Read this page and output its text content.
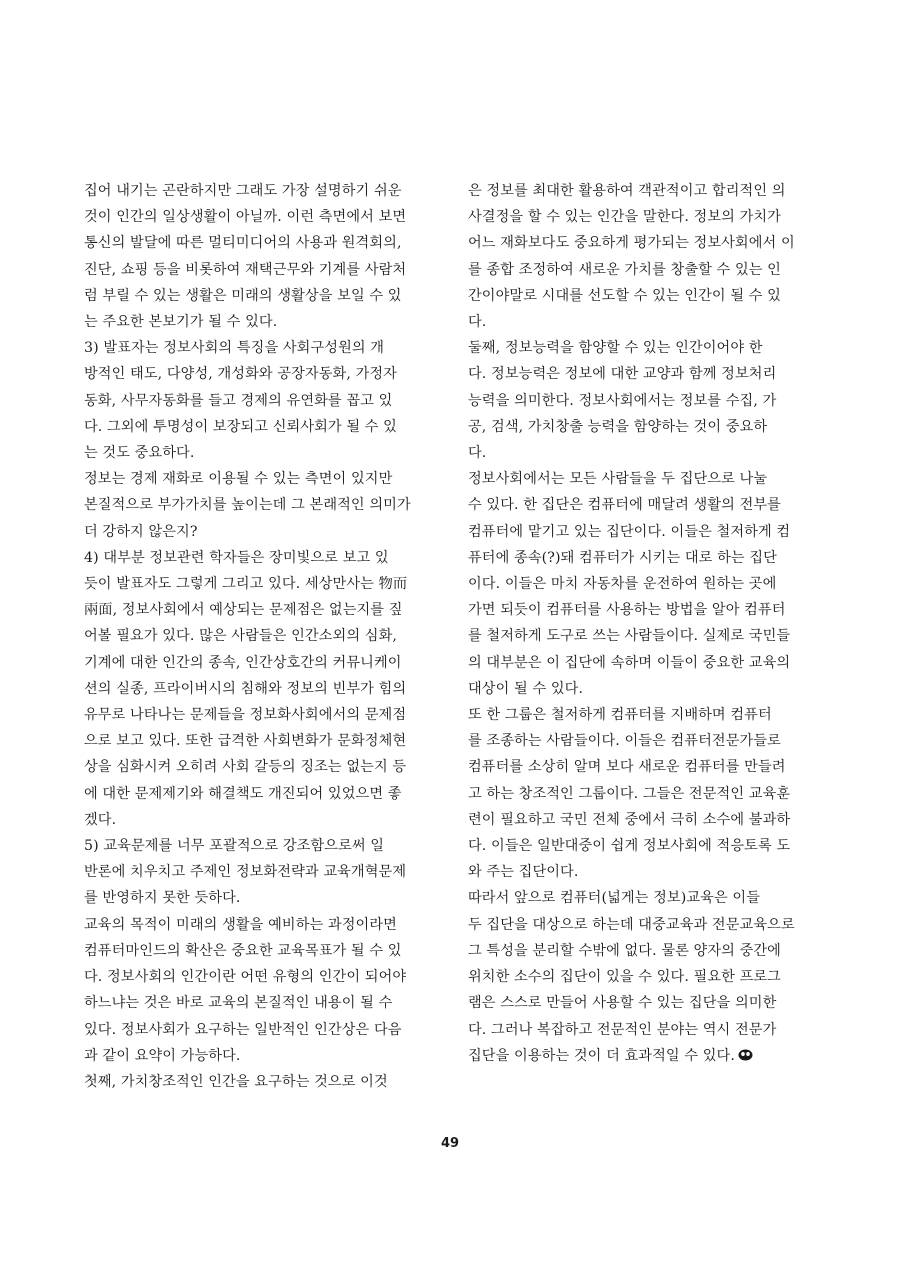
집어 내기는 곤란하지만 그래도 가장 설명하기 쉬운
것이 인간의 일상생활이 아닐까. 이런 측면에서 보면
통신의 발달에 따른 멀티미디어의 사용과 원격회의,
진단, 쇼핑 등을 비롯하여 재택근무와 기계를 사람처
럼 부릴 수 있는 생활은 미래의 생활상을 보일 수 있
는 주요한 본보기가 될 수 있다.

3) 발표자는 정보사회의 특징을 사회구성원의 개
방적인 태도, 다양성, 개성화와 공장자동화, 가정자
동화, 사무자동화를 들고 경제의 유연화를 꼽고 있
다. 그외에 투명성이 보장되고 신뢰사회가 될 수 있
는 것도 중요하다.

정보는 경제 재화로 이용될 수 있는 측면이 있지만
본질적으로 부가가치를 높이는데 그 본래적인 의미가
더 강하지 않은지?

4) 대부분 정보관련 학자들은 장미빛으로 보고 있
듯이 발표자도 그렇게 그리고 있다. 세상만사는 物而
兩面, 정보사회에서 예상되는 문제점은 없는지를 짚
어볼 필요가 있다. 많은 사람들은 인간소외의 심화,
기계에 대한 인간의 종속, 인간상호간의 커뮤니케이
션의 실종, 프라이버시의 침해와 정보의 빈부가 힘의
유무로 나타나는 문제들을 정보화사회에서의 문제점
으로 보고 있다. 또한 급격한 사회변화가 문화정체현
상을 심화시켜 오히려 사회 갈등의 징조는 없는지 등
에 대한 문제제기와 해결책도 개진되어 있었으면 좋
겠다.

5) 교육문제를 너무 포괄적으로 강조함으로써 일
반론에 치우치고 주제인 정보화전략과 교육개혁문제
를 반영하지 못한 듯하다.

교육의 목적이 미래의 생활을 예비하는 과정이라면
컴퓨터마인드의 확산은 중요한 교육목표가 될 수 있
다. 정보사회의 인간이란 어떤 유형의 인간이 되어야
하느냐는 것은 바로 교육의 본질적인 내용이 될 수
있다. 정보사회가 요구하는 일반적인 인간상은 다음
과 같이 요약이 가능하다.

첫째, 가치창조적인 인간을 요구하는 것으로 이것

은 정보를 최대한 활용하여 객관적이고 합리적인 의
사결정을 할 수 있는 인간을 말한다. 정보의 가치가
어느 재화보다도 중요하게 평가되는 정보사회에서 이
를 종합 조정하여 새로운 가치를 창출할 수 있는 인
간이야말로 시대를 선도할 수 있는 인간이 될 수 있
다.

둘째, 정보능력을 함양할 수 있는 인간이어야 한
다. 정보능력은 정보에 대한 교양과 함께 정보처리
능력을 의미한다. 정보사회에서는 정보를 수집, 가
공, 검색, 가치창출 능력을 함양하는 것이 중요하
다.

정보사회에서는 모든 사람들을 두 집단으로 나눌
수 있다. 한 집단은 컴퓨터에 매달려 생활의 전부를
컴퓨터에 맡기고 있는 집단이다. 이들은 철저하게 컴
퓨터에 종속(?)돼 컴퓨터가 시키는 대로 하는 집단
이다. 이들은 마치 자동차를 운전하여 원하는 곳에
가면 되듯이 컴퓨터를 사용하는 방법을 알아 컴퓨터
를 철저하게 도구로 쓰는 사람들이다. 실제로 국민들
의 대부분은 이 집단에 속하며 이들이 중요한 교육의
대상이 될 수 있다.

또 한 그룹은 철저하게 컴퓨터를 지배하며 컴퓨터
를 조종하는 사람들이다. 이들은 컴퓨터전문가들로
컴퓨터를 소상히 알며 보다 새로운 컴퓨터를 만들려
고 하는 창조적인 그룹이다. 그들은 전문적인 교육훈
련이 필요하고 국민 전체 중에서 극히 소수에 불과하
다. 이들은 일반대중이 쉽게 정보사회에 적응토록 도
와 주는 집단이다.

따라서 앞으로 컴퓨터(넓게는 정보)교육은 이들
두 집단을 대상으로 하는데 대중교육과 전문교육으로
그 특성을 분리할 수밖에 없다. 물론 양자의 중간에
위치한 소수의 집단이 있을 수 있다. 필요한 프로그
램은 스스로 만들어 사용할 수 있는 집단을 의미한
다. 그러나 복잡하고 전문적인 분야는 역시 전문가
집단을 이용하는 것이 더 효과적일 수 있다.

49
